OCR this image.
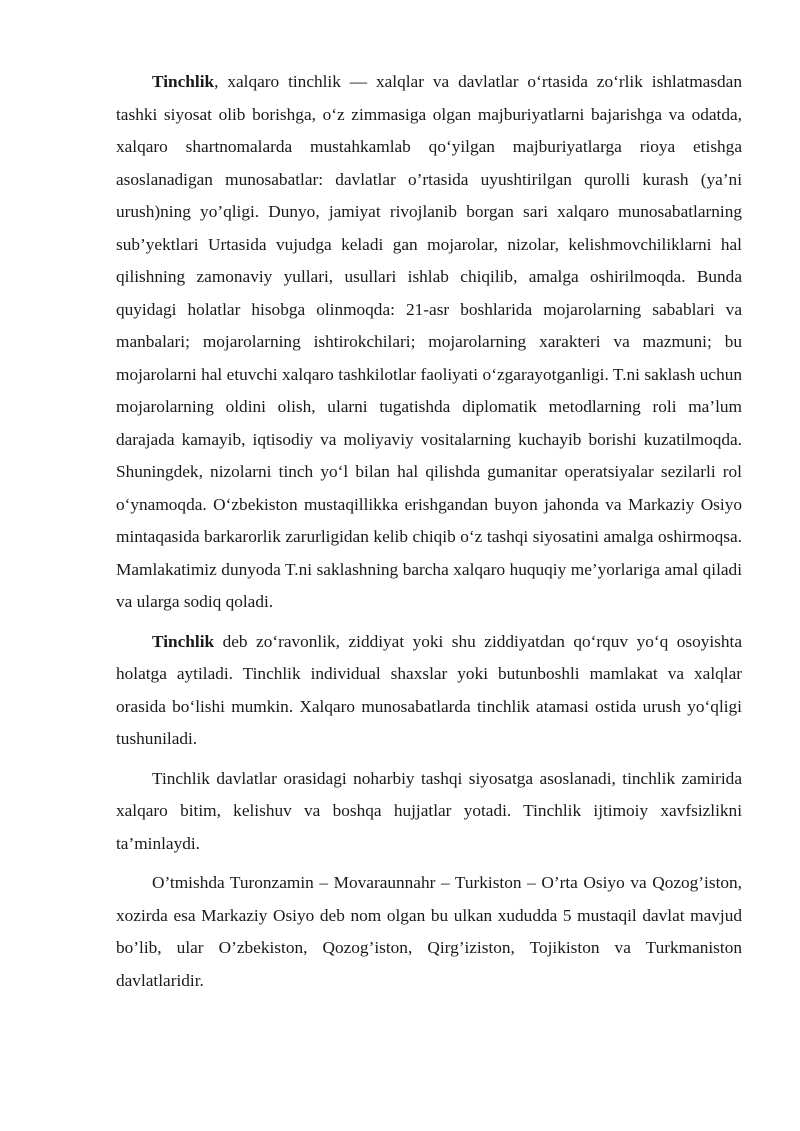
Tinchlik, xalqaro tinchlik — xalqlar va davlatlar oʻrtasida zoʻrlik ishlatmasdan tashki siyosat olib borishga, oʻz zimmasiga olgan majburiyatlarni bajarishga va odatda, xalqaro shartnomalarda mustahkamlab qoʻyilgan majburiyatlarga rioya etishga asoslanadigan munosabatlar: davlatlar o’rtasida uyushtirilgan qurolli kurash (ya’ni urush)ning yo’qligi. Dunyo, jamiyat rivojlanib borgan sari xalqaro munosabatlarning sub’yektlari Urtasida vujudga keladi gan mojarolar, nizolar, kelishmovchiliklarni hal qilishning zamonaviy yullari, usullari ishlab chiqilib, amalga oshirilmoqda. Bunda quyidagi holatlar hisobga olinmoqda: 21-asr boshlarida mojarolarning sabablari va manbalari; mojarolarning ishtirokchilari; mojarolarning xarakteri va mazmuni; bu mojarolarni hal etuvchi xalqaro tashkilotlar faoliyati oʻzgarayotganligi. T.ni saklash uchun mojarolarning oldini olish, ularni tugatishda diplomatik metodlarning roli ma’lum darajada kamayib, iqtisodiy va moliyaviy vositalarning kuchayib borishi kuzatilmoqda. Shuningdek, nizolarni tinch yoʻl bilan hal qilishda gumanitar operatsiyalar sezilarli rol oʻynamoqda. Oʻzbekiston mustaqillikka erishgandan buyon jahonda va Markaziy Osiyo mintaqasida barkarorlik zarurligidan kelib chiqib oʻz tashqi siyosatini amalga oshirmoqsa. Mamlakatimiz dunyoda T.ni saklashning barcha xalqaro huquqiy me’yorlariga amal qiladi va ularga sodiq qoladi.

Tinchlik deb zoʻravonlik, ziddiyat yoki shu ziddiyatdan qoʻrquv yoʻq osoyishta holatga aytiladi. Tinchlik individual shaxslar yoki butunboshli mamlakat va xalqlar orasida boʻlishi mumkin. Xalqaro munosabatlarda tinchlik atamasi ostida urush yoʻqligi tushuniladi.

Tinchlik davlatlar orasidagi noharbiy tashqi siyosatga asoslanadi, tinchlik zamirida xalqaro bitim, kelishuv va boshqa hujjatlar yotadi. Tinchlik ijtimoiy xavfsizlikni ta’minlaydi.

O’tmishda Turonzamin – Movaraunnahr – Turkiston – O’rta Osiyo va Qozog’iston, xozirda esa Markaziy Osiyo deb nom olgan bu ulkan xududda 5 mustaqil davlat mavjud bo’lib, ular O’zbekiston, Qozog’iston, Qirg’iziston, Tojikiston va Turkmaniston davlatlaridir.
